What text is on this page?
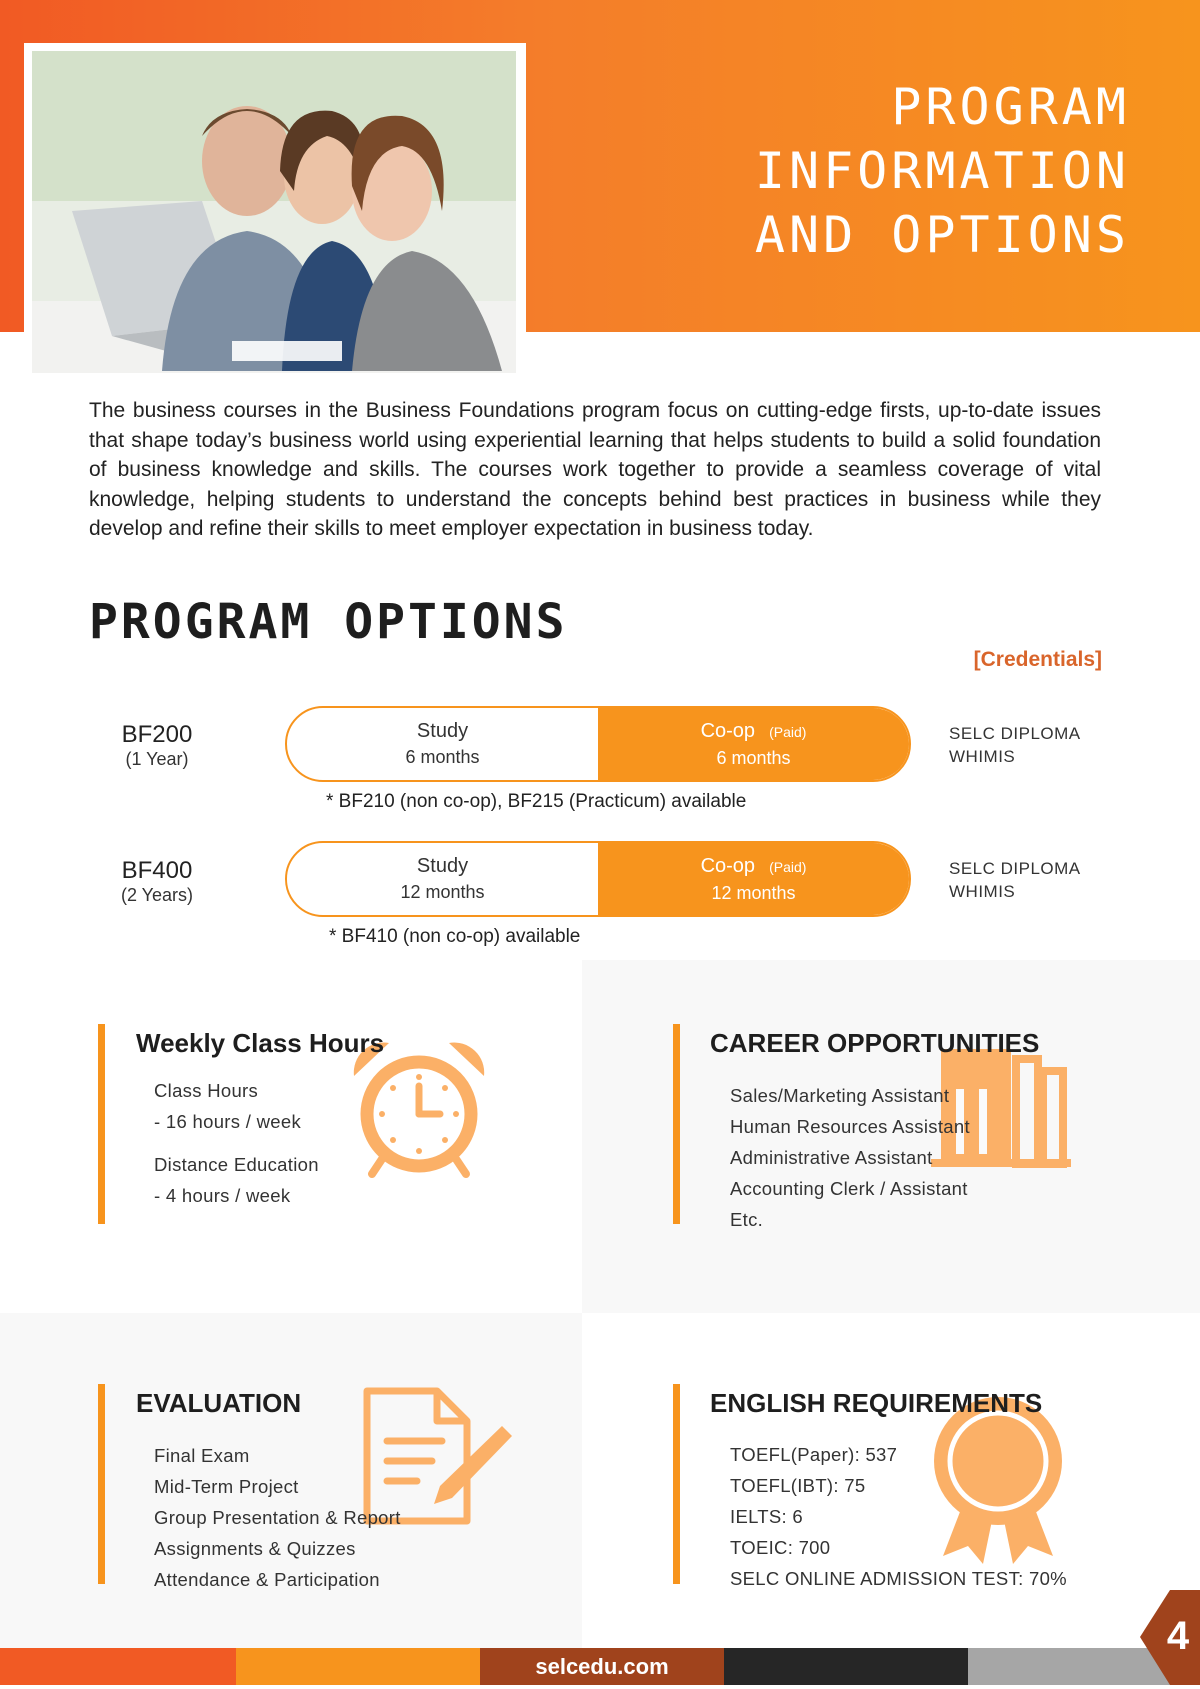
PROGRAM
INFORMATION
AND OPTIONS

The business courses in the Business Foundations program focus on cutting-edge firsts, up-to-date issues that shape today’s business world using experiential learning that helps students to build a solid foundation of business knowledge and skills. The courses work together to provide a seamless coverage of vital knowledge, helping students to understand the concepts behind best practices in business while they develop and refine their skills to meet employer expectation in business today.

PROGRAM OPTIONS
[Credentials]
BF200
(1 Year)
Study
6 months
Co-op (Paid)
6 months
SELC DIPLOMA
WHIMIS
* BF210 (non co-op), BF215 (Practicum) available
BF400
(2 Years)
Study
12 months
Co-op (Paid)
12 months
SELC DIPLOMA
WHIMIS
* BF410 (non co-op) available
Weekly Class Hours
Class Hours
- 16 hours / week
Distance Education
- 4 hours / week
CAREER OPPORTUNITIES
Sales/Marketing Assistant
Human Resources Assistant
Administrative Assistant
Accounting Clerk / Assistant
Etc.
EVALUATION
Final Exam
Mid-Term Project
Group Presentation & Report
Assignments & Quizzes
Attendance & Participation
ENGLISH REQUIREMENTS
TOEFL(Paper): 537
TOEFL(IBT): 75
IELTS: 6
TOEIC: 700
SELC ONLINE ADMISSION TEST: 70%
selcedu.com
4
